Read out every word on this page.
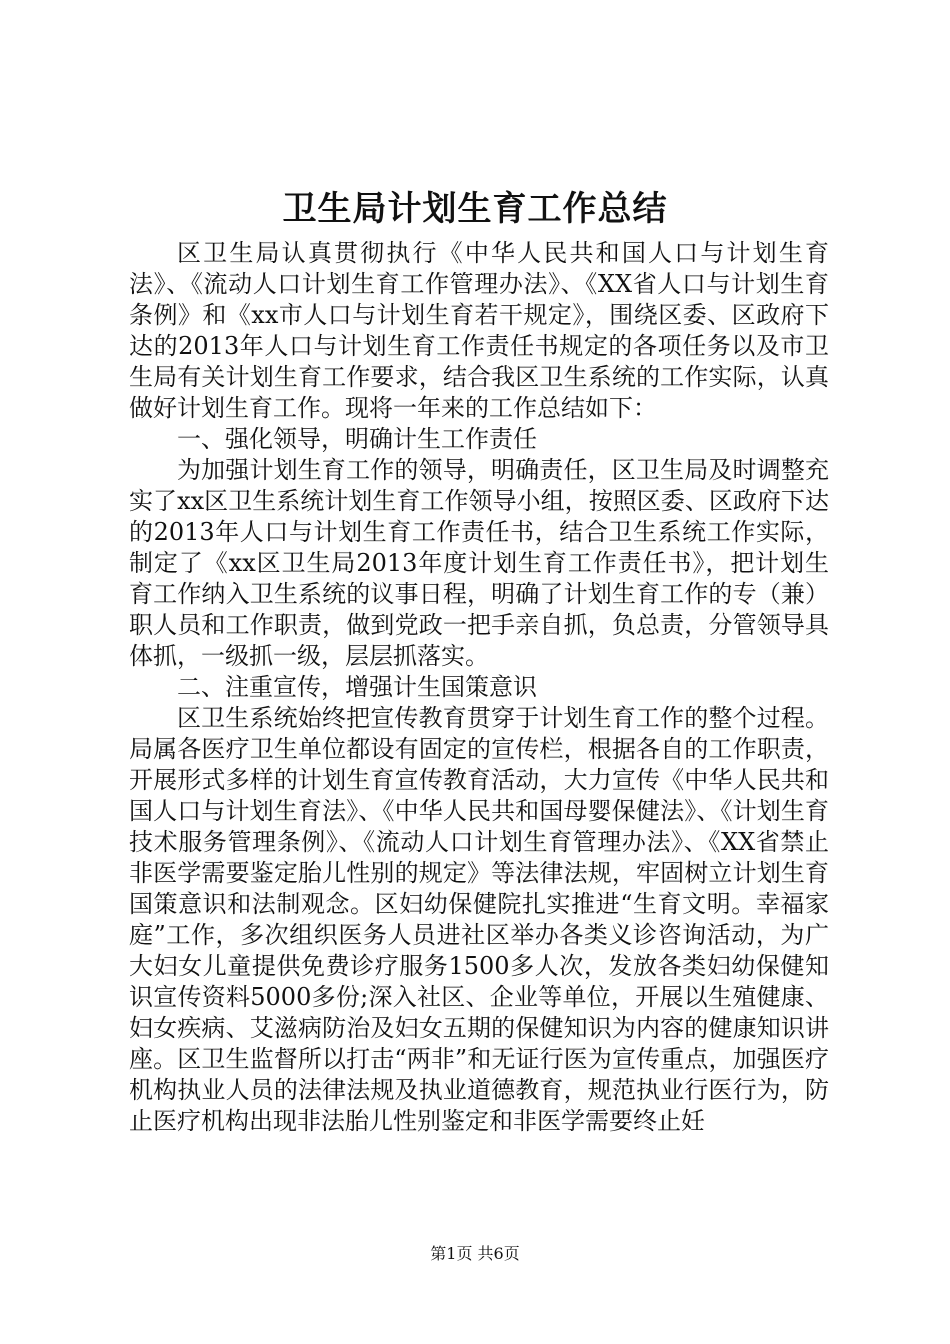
卫生局计划生育工作总结

区卫生局认真贯彻执行《中华人民共和国人口与计划生育法》、《流动人口计划生育工作管理办法》、《XX省人口与计划生育条例》和《xx市人口与计划生育若干规定》，围绕区委、区政府下达的2013年人口与计划生育工作责任书规定的各项任务以及市卫生局有关计划生育工作要求，结合我区卫生系统的工作实际，认真做好计划生育工作。现将一年来的工作总结如下：

一、强化领导，明确计生工作责任

为加强计划生育工作的领导，明确责任，区卫生局及时调整充实了xx区卫生系统计划生育工作领导小组，按照区委、区政府下达的2013年人口与计划生育工作责任书，结合卫生系统工作实际，制定了《xx区卫生局2013年度计划生育工作责任书》，把计划生育工作纳入卫生系统的议事日程，明确了计划生育工作的专（兼）职人员和工作职责，做到党政一把手亲自抓，负总责，分管领导具体抓，一级抓一级，层层抓落实。

二、注重宣传，增强计生国策意识

区卫生系统始终把宣传教育贯穿于计划生育工作的整个过程。局属各医疗卫生单位都设有固定的宣传栏，根据各自的工作职责，开展形式多样的计划生育宣传教育活动，大力宣传《中华人民共和国人口与计划生育法》、《中华人民共和国母婴保健法》、《计划生育技术服务管理条例》、《流动人口计划生育管理办法》、《XX省禁止非医学需要鉴定胎儿性别的规定》等法律法规，牢固树立计划生育国策意识和法制观念。区妇幼保健院扎实推进“生育文明。幸福家庭”工作，多次组织医务人员进社区举办各类义诊咨询活动，为广大妇女儿童提供免费诊疗服务1500多人次，发放各类妇幼保健知识宣传资料5000多份;深入社区、企业等单位，开展以生殖健康、妇女疾病、艾滋病防治及妇女五期的保健知识为内容的健康知识讲座。区卫生监督所以打击“两非”和无证行医为宣传重点，加强医疗机构执业人员的法律法规及执业道德教育，规范执业行医行为，防止医疗机构出现非法胎儿性别鉴定和非医学需要终止妊

第1页 共6页
